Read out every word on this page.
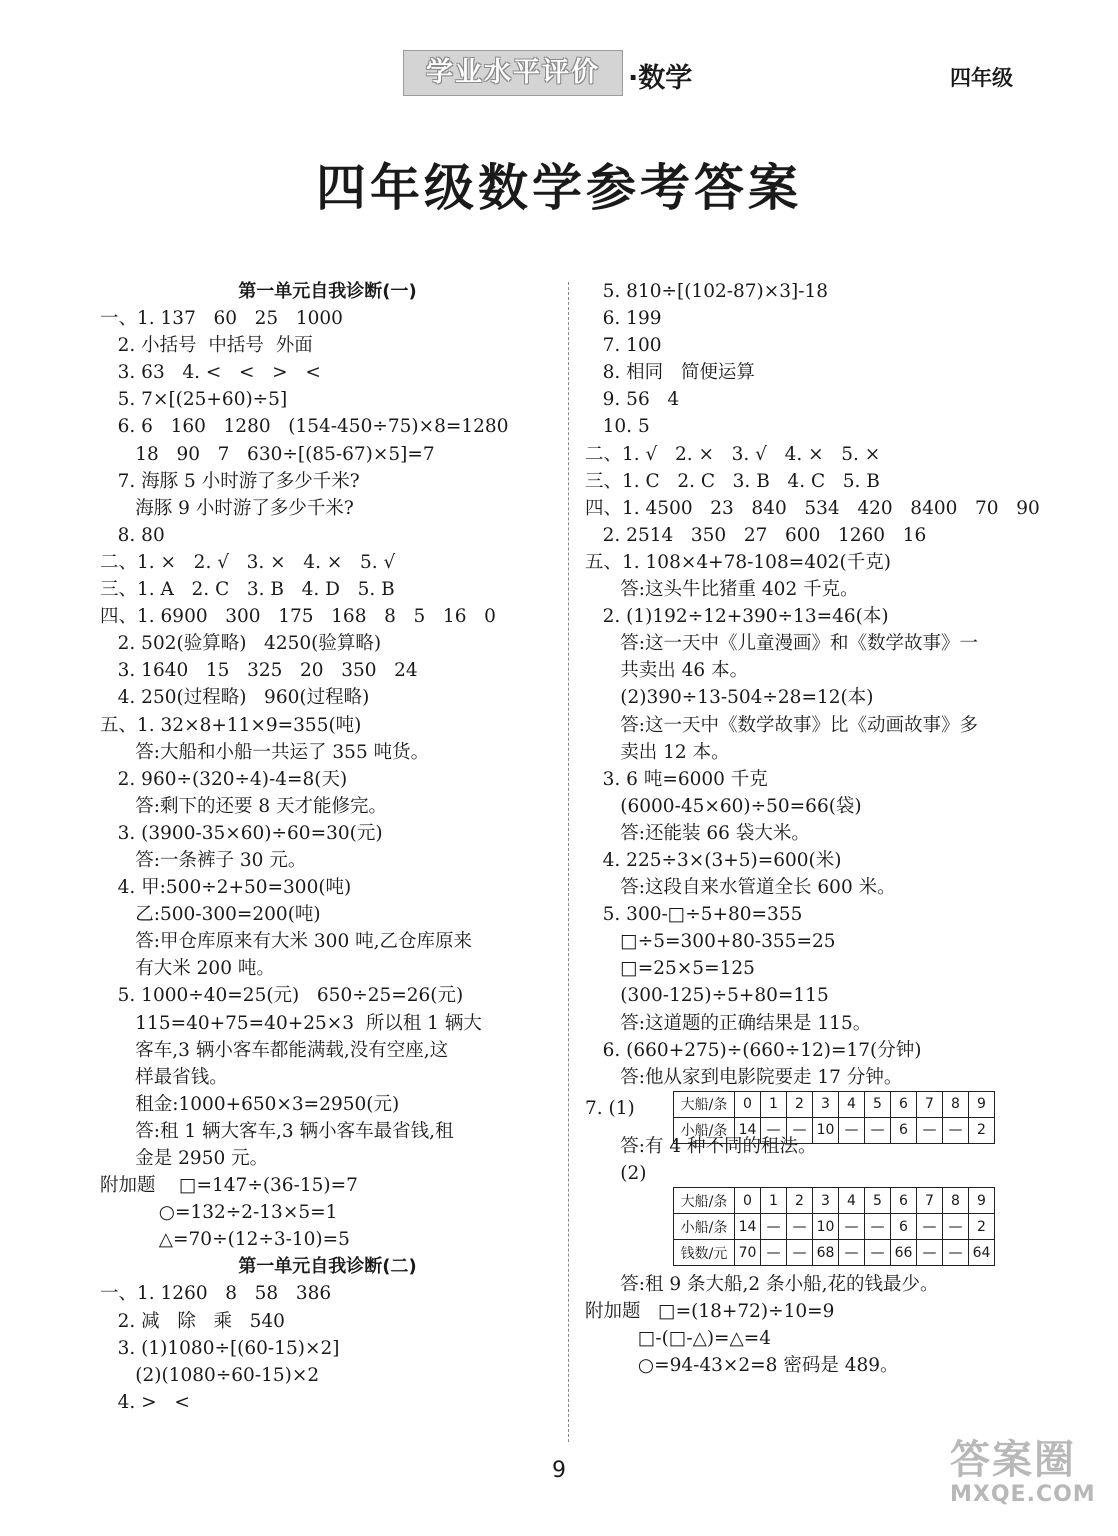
学业水平评价	·数学	四年级
四年级数学参考答案
第一单元自我诊断(一)
一、1. 137   60   25   1000
2. 小括号  中括号  外面
3. 63   4. <   <   >   <
5. 7×[(25+60)÷5]
6. 6   160   1280   (154-450÷75)×8=1280
18   90   7   630÷[(85-67)×5]=7
7. 海豚 5 小时游了多少千米?
海豚 9 小时游了多少千米?
8. 80
二、1. ×   2. √   3. ×   4. ×   5. √
三、1. A   2. C   3. B   4. D   5. B
四、1. 6900   300   175   168   8   5   16   0
2. 502(验算略)   4250(验算略)
3. 1640   15   325   20   350   24
4. 250(过程略)   960(过程略)
五、1. 32×8+11×9=355(吨)
答:大船和小船一共运了 355 吨货。
2. 960÷(320÷4)-4=8(天)
答:剩下的还要 8 天才能修完。
3. (3900-35×60)÷60=30(元)
答:一条裤子 30 元。
4. 甲:500÷2+50=300(吨)
乙:500-300=200(吨)
答:甲仓库原来有大米 300 吨,乙仓库原来
有大米 200 吨。
5. 1000÷40=25(元)   650÷25=26(元)
115=40+75=40+25×3  所以租 1 辆大
客车,3 辆小客车都能满载,没有空座,这
样最省钱。
租金:1000+650×3=2950(元)
答:租 1 辆大客车,3 辆小客车最省钱,租
金是 2950 元。
附加题    □=147÷(36-15)=7
○=132÷2-13×5=1
△=70÷(12÷3-10)=5
第一单元自我诊断(二)
一、1. 1260   8   58   386
2. 减   除   乘   540
3. (1)1080÷[(60-15)×2]
(2)(1080÷60-15)×2
4. >   <
5. 810÷[(102-87)×3]-18
6. 199
7. 100
8. 相同   简便运算
9. 56   4
10. 5
二、1. √   2. ×   3. √   4. ×   5. ×
三、1. C   2. C   3. B   4. C   5. B
四、1. 4500   23   840   534   420   8400   70   90
2. 2514   350   27   600   1260   16
五、1. 108×4+78-108=402(千克)
答:这头牛比猪重 402 千克。
2. (1)192÷12+390÷13=46(本)
答:这一天中《儿童漫画》和《数学故事》一
共卖出 46 本。
(2)390÷13-504÷28=12(本)
答:这一天中《数学故事》比《动画故事》多
卖出 12 本。
3. 6 吨=6000 千克
(6000-45×60)÷50=66(袋)
答:还能装 66 袋大米。
4. 225÷3×(3+5)=600(米)
答:这段自来水管道全长 600 米。
5. 300-□÷5+80=355
□÷5=300+80-355=25
□=25×5=125
(300-125)÷5+80=115
答:这道题的正确结果是 115。
6. (660+275)÷(660÷12)=17(分钟)
答:他从家到电影院要走 17 分钟。
7. (1)	大船/条	0	1	2	3	4	5	6	7	8	9
小船/条	14	—	—	10	—	—	6	—	—	2
答:有 4 种不同的租法。
(2)
大船/条	0	1	2	3	4	5	6	7	8	9
小船/条	14	—	—	10	—	—	6	—	—	2
钱数/元	70	—	—	68	—	—	66	—	—	64
答:租 9 条大船,2 条小船,花的钱最少。
附加题   □=(18+72)÷10=9
□-(□-△)=△=4
○=94-43×2=8 密码是 489。
9	答案圈
MXQE.COM
